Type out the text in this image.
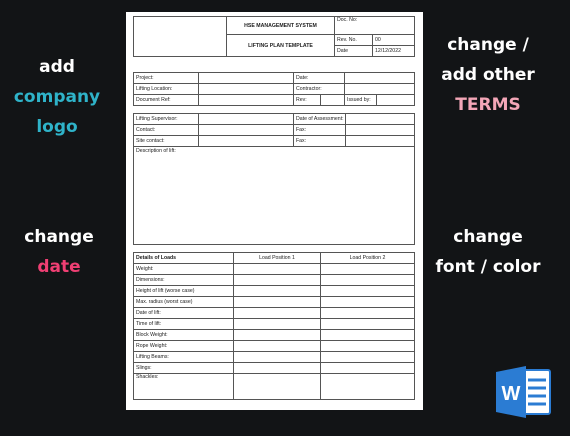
add
company
logo
change /
add other
TERMS
change
date
change
font / color
	HSE MANAGEMENT SYSTEM	Doc. No:	
	LIFTING PLAN TEMPLATE	Rev. No.	00
		Date	12/12/2022
Project:		Date:			
Lifting Location:		Contractor:			
Document Ref:		Rev:		Issued by:	
Lifting Supervisor:		Date of Assessment:	
Contact:		Fax:	
Site contact:		Fax:	
Description of lift:			
Details of Loads	Load Position 1	Load Position 2
Weight:		
Dimensions:		
Height of lift (worse case)		
Max. radius (worst case)		
Date of lift:		
Time of lift:		
Block Weight:		
Rope Weight:		
Lifting Beams:		
Slings:		
Shackles:		
W
